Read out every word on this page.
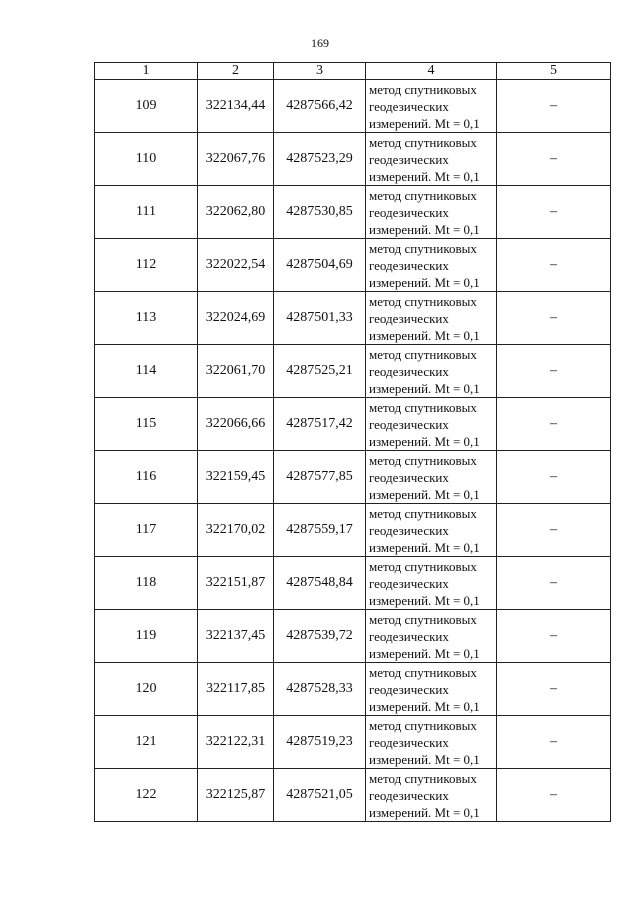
169
1	2	3	4	5
109	322134,44	4287566,42	метод спутниковых
геодезических
измерений. Mt = 0,1	–
110	322067,76	4287523,29	метод спутниковых
геодезических
измерений. Mt = 0,1	–
111	322062,80	4287530,85	метод спутниковых
геодезических
измерений. Mt = 0,1	–
112	322022,54	4287504,69	метод спутниковых
геодезических
измерений. Mt = 0,1	–
113	322024,69	4287501,33	метод спутниковых
геодезических
измерений. Mt = 0,1	–
114	322061,70	4287525,21	метод спутниковых
геодезических
измерений. Mt = 0,1	–
115	322066,66	4287517,42	метод спутниковых
геодезических
измерений. Mt = 0,1	–
116	322159,45	4287577,85	метод спутниковых
геодезических
измерений. Mt = 0,1	–
117	322170,02	4287559,17	метод спутниковых
геодезических
измерений. Mt = 0,1	–
118	322151,87	4287548,84	метод спутниковых
геодезических
измерений. Mt = 0,1	–
119	322137,45	4287539,72	метод спутниковых
геодезических
измерений. Mt = 0,1	–
120	322117,85	4287528,33	метод спутниковых
геодезических
измерений. Mt = 0,1	–
121	322122,31	4287519,23	метод спутниковых
геодезических
измерений. Mt = 0,1	–
122	322125,87	4287521,05	метод спутниковых
геодезических
измерений. Mt = 0,1	–
